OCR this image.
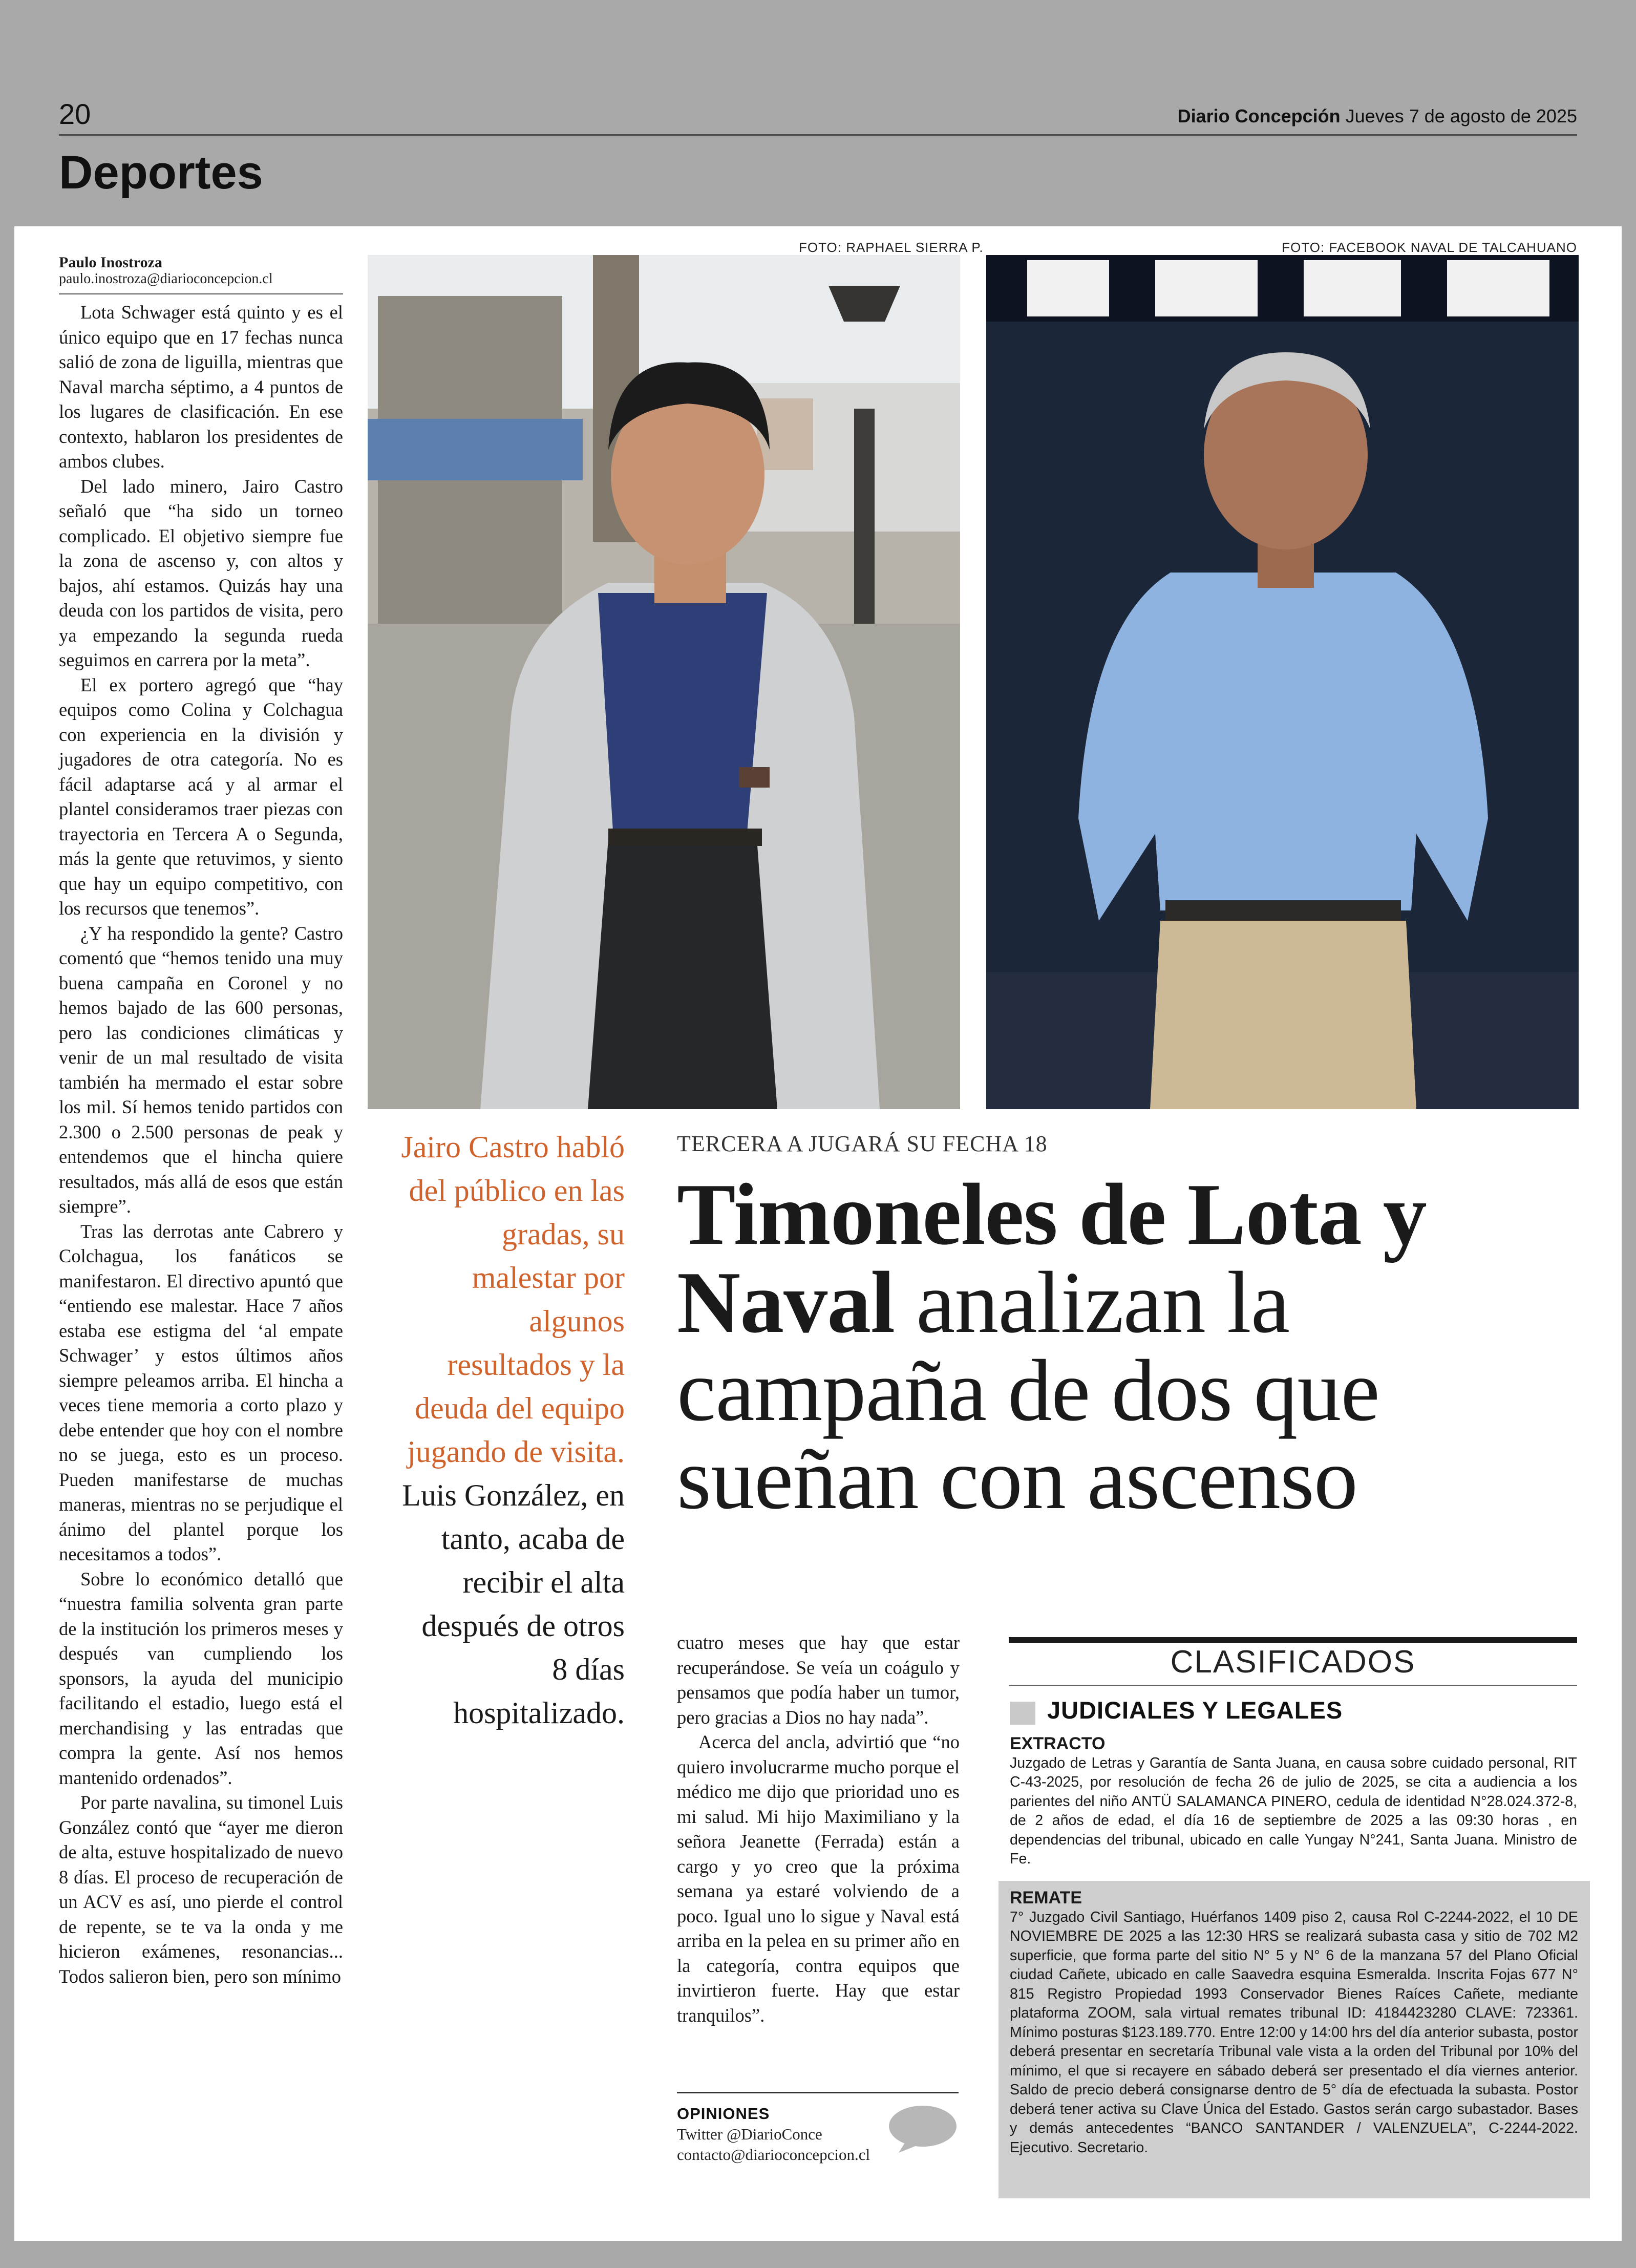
20	Diario Concepción Jueves 7 de agosto de 2025
Deportes
FOTO: RAPHAEL SIERRA P.	FOTO: FACEBOOK NAVAL DE TALCAHUANO
Paulo Inostroza
paulo.inostroza@diarioconcepcion.cl

Lota Schwager está quinto y es el único equipo que en 17 fechas nunca salió de zona de liguilla, mientras que Naval marcha séptimo, a 4 puntos de los lugares de clasificación. En ese contexto, hablaron los presidentes de ambos clubes.

Del lado minero, Jairo Castro señaló que “ha sido un torneo complicado. El objetivo siempre fue la zona de ascenso y, con altos y bajos, ahí estamos. Quizás hay una deuda con los partidos de visita, pero ya empezando la segunda rueda seguimos en carrera por la meta”.

El ex portero agregó que “hay equipos como Colina y Colchagua con experiencia en la división y jugadores de otra categoría. No es fácil adaptarse acá y al armar el plantel consideramos traer piezas con trayectoria en Tercera A o Segunda, más la gente que retuvimos, y siento que hay un equipo competitivo, con los recursos que tenemos”.

¿Y ha respondido la gente? Castro comentó que “hemos tenido una muy buena campaña en Coronel y no hemos bajado de las 600 personas, pero las condiciones climáticas y venir de un mal resultado de visita también ha mermado el estar sobre los mil. Sí hemos tenido partidos con 2.300 o 2.500 personas de peak y entendemos que el hincha quiere resultados, más allá de esos que están siempre”.

Tras las derrotas ante Cabrero y Colchagua, los fanáticos se manifestaron. El directivo apuntó que “entiendo ese malestar. Hace 7 años estaba ese estigma del ‘al empate Schwager’ y estos últimos años siempre peleamos arriba. El hincha a veces tiene memoria a corto plazo y debe entender que hoy con el nombre no se juega, esto es un proceso. Pueden manifestarse de muchas maneras, mientras no se perjudique el ánimo del plantel porque los necesitamos a todos”.

Sobre lo económico detalló que “nuestra familia solventa gran parte de la institución los primeros meses y después van cumpliendo los sponsors, la ayuda del municipio facilitando el estadio, luego está el merchandising y las entradas que compra la gente. Así nos hemos mantenido ordenados”.

Por parte navalina, su timonel Luis González contó que “ayer me dieron de alta, estuve hospitalizado de nuevo 8 días. El proceso de recuperación de un ACV es así, uno pierde el control de repente, se te va la onda y me hicieron exámenes, resonancias... Todos salieron bien, pero son mínimo

Jairo Castro habló del público en las gradas, su malestar por algunos resultados y la deuda del equipo jugando de visita. Luis González, en tanto, acaba de recibir el alta después de otros 8 días hospitalizado.
TERCERA A JUGARÁ SU FECHA 18
Timoneles de Lota y Naval analizan la campaña de dos que sueñan con ascenso

cuatro meses que hay que estar recuperándose. Se veía un coágulo y pensamos que podía haber un tumor, pero gracias a Dios no hay nada”.

Acerca del ancla, advirtió que “no quiero involucrarme mucho porque el médico me dijo que prioridad uno es mi salud. Mi hijo Maximiliano y la señora Jeanette (Ferrada) están a cargo y yo creo que la próxima semana ya estaré volviendo de a poco. Igual uno lo sigue y Naval está arriba en la pelea en su primer año en la categoría, contra equipos que invirtieron fuerte. Hay que estar tranquilos”.

OPINIONES
Twitter @DiarioConce
contacto@diarioconcepcion.cl
CLASIFICADOS
JUDICIALES Y LEGALES
EXTRACTO
Juzgado de Letras y Garantía de Santa Juana, en causa sobre cuidado personal, RIT C-43-2025, por resolución de fecha 26 de julio de 2025, se cita a audiencia a los parientes del niño ANTÜ SALAMANCA PINERO, cedula de identidad N°28.024.372-8, de 2 años de edad, el día 16 de septiembre de 2025 a las 09:30 horas , en dependencias del tribunal, ubicado en calle Yungay N°241, Santa Juana. Ministro de Fe.
REMATE
7° Juzgado Civil Santiago, Huérfanos 1409 piso 2, causa Rol C-2244-2022, el 10 DE NOVIEMBRE DE 2025 a las 12:30 HRS se realizará subasta casa y sitio de 702 M2 superficie, que forma parte del sitio N° 5 y N° 6 de la manzana 57 del Plano Oficial ciudad Cañete, ubicado en calle Saavedra esquina Esmeralda. Inscrita Fojas 677 N° 815 Registro Propiedad 1993 Conservador Bienes Raíces Cañete, mediante plataforma ZOOM, sala virtual remates tribunal ID: 4184423280 CLAVE: 723361. Mínimo posturas $123.189.770. Entre 12:00 y 14:00 hrs del día anterior subasta, postor deberá presentar en secretaría Tribunal vale vista a la orden del Tribunal por 10% del mínimo, el que si recayere en sábado deberá ser presentado el día viernes anterior. Saldo de precio deberá consignarse dentro de 5° día de efectuada la subasta. Postor deberá tener activa su Clave Única del Estado. Gastos serán cargo subastador. Bases y demás antecedentes “BANCO SANTANDER / VALENZUELA”, C-2244-2022. Ejecutivo. Secretario.
